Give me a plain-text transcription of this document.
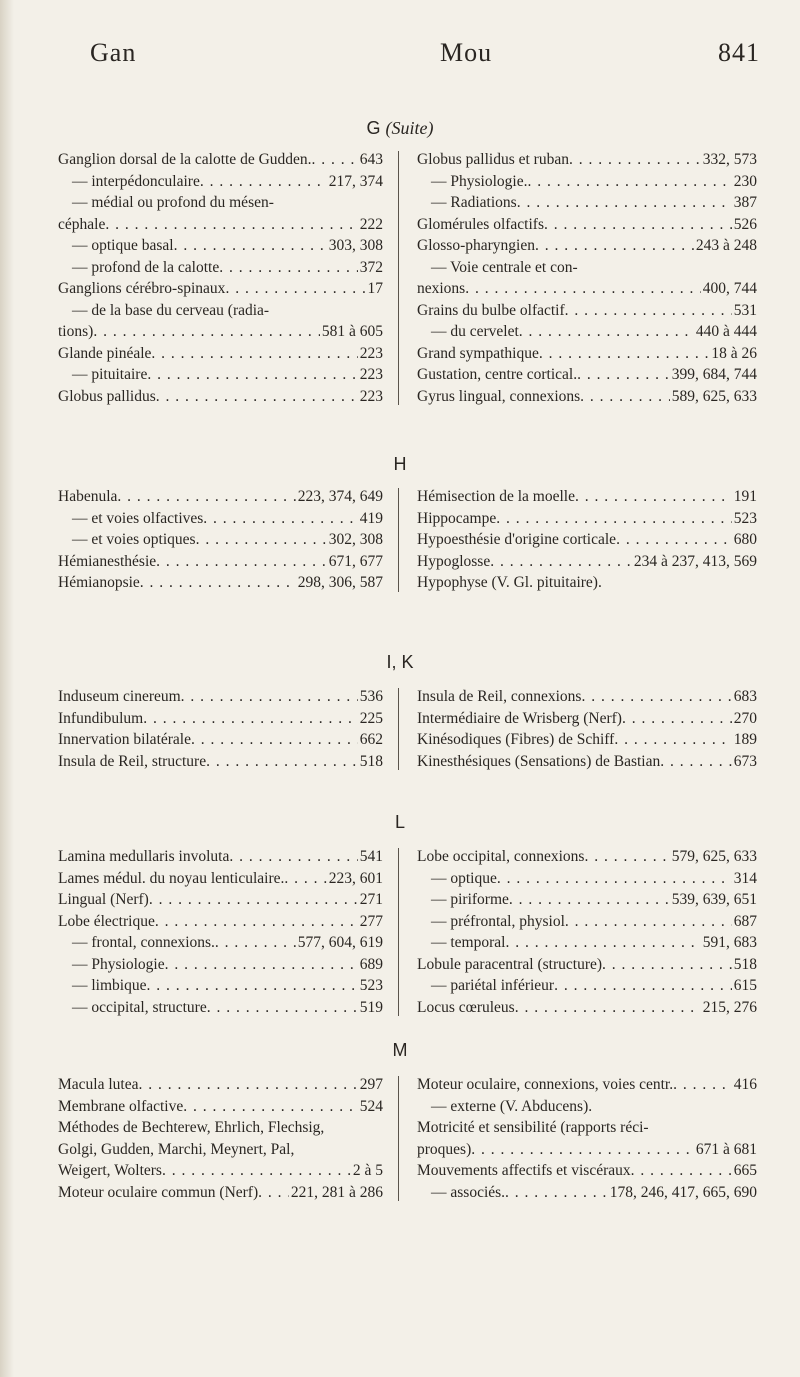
Gan	Mou	841
G (Suite)
Ganglion dorsal de la calotte de Gudden. . . .	643
— interpédonculaire . . .	217, 374
— médial ou profond du mésen-
céphale . . .	222
— optique basal . . .	303, 308
— profond de la calotte . . .	372
Ganglions cérébro-spinaux . . .	17
— de la base du cerveau (radia-
tions) . . .	581 à 605
Glande pinéale . . .	223
— pituitaire . . .	223
Globus pallidus . . .	223
Globus pallidus et ruban . . .	332, 573
— Physiologie. . . .	230
— Radiations . . .	387
Glomérules olfactifs . . .	526
Glosso-pharyngien . . .	243 à 248
— Voie centrale et con-
nexions . . .	400, 744
Grains du bulbe olfactif . . .	531
— du cervelet . . .	440 à 444
Grand sympathique . . .	18 à 26
Gustation, centre cortical. . . .	399, 684, 744
Gyrus lingual, connexions . . .	589, 625, 633
H
Habenula . . .	223, 374, 649
— et voies olfactives . . .	419
— et voies optiques . . .	302, 308
Hémianesthésie . . .	671, 677
Hémianopsie . . .	298, 306, 587
Hémisection de la moelle . . .	191
Hippocampe . . .	523
Hypoesthésie d'origine corticale . . .	680
Hypoglosse . . .	234 à 237, 413, 569
Hypophyse (V. Gl. pituitaire).
I, K
Induseum cinereum . . .	536
Infundibulum . . .	225
Innervation bilatérale . . .	662
Insula de Reil, structure . . .	518
Insula de Reil, connexions . . .	683
Intermédiaire de Wrisberg (Nerf) . . .	270
Kinésodiques (Fibres) de Schiff . . .	189
Kinesthésiques (Sensations) de Bastian . . .	673
L
Lamina medullaris involuta . . .	541
Lames médul. du noyau lenticulaire. . . .	223, 601
Lingual (Nerf) . . .	271
Lobe électrique . . .	277
— frontal, connexions. . . .	577, 604, 619
— Physiologie . . .	689
— limbique . . .	523
— occipital, structure . . .	519
Lobe occipital, connexions . . .	579, 625, 633
— optique . . .	314
— piriforme . . .	539, 639, 651
— préfrontal, physiol . . .	687
— temporal . . .	591, 683
Lobule paracentral (structure) . . .	518
— pariétal inférieur . . .	615
Locus cœruleus . . .	215, 276
M
Macula lutea . . .	297
Membrane olfactive . . .	524
Méthodes de Bechterew, Ehrlich, Flechsig,
Golgi, Gudden, Marchi, Meynert, Pal,
Weigert, Wolters . . .	2 à 5
Moteur oculaire commun (Nerf) . . . 221, 281 à 286
Moteur oculaire, connexions, voies centr. . . .	416
— externe (V. Abducens).
Motricité et sensibilité (rapports réci-
proques) . . .	671 à 681
Mouvements affectifs et viscéraux . . .	665
— associés. . . .	178, 246, 417, 665, 690
